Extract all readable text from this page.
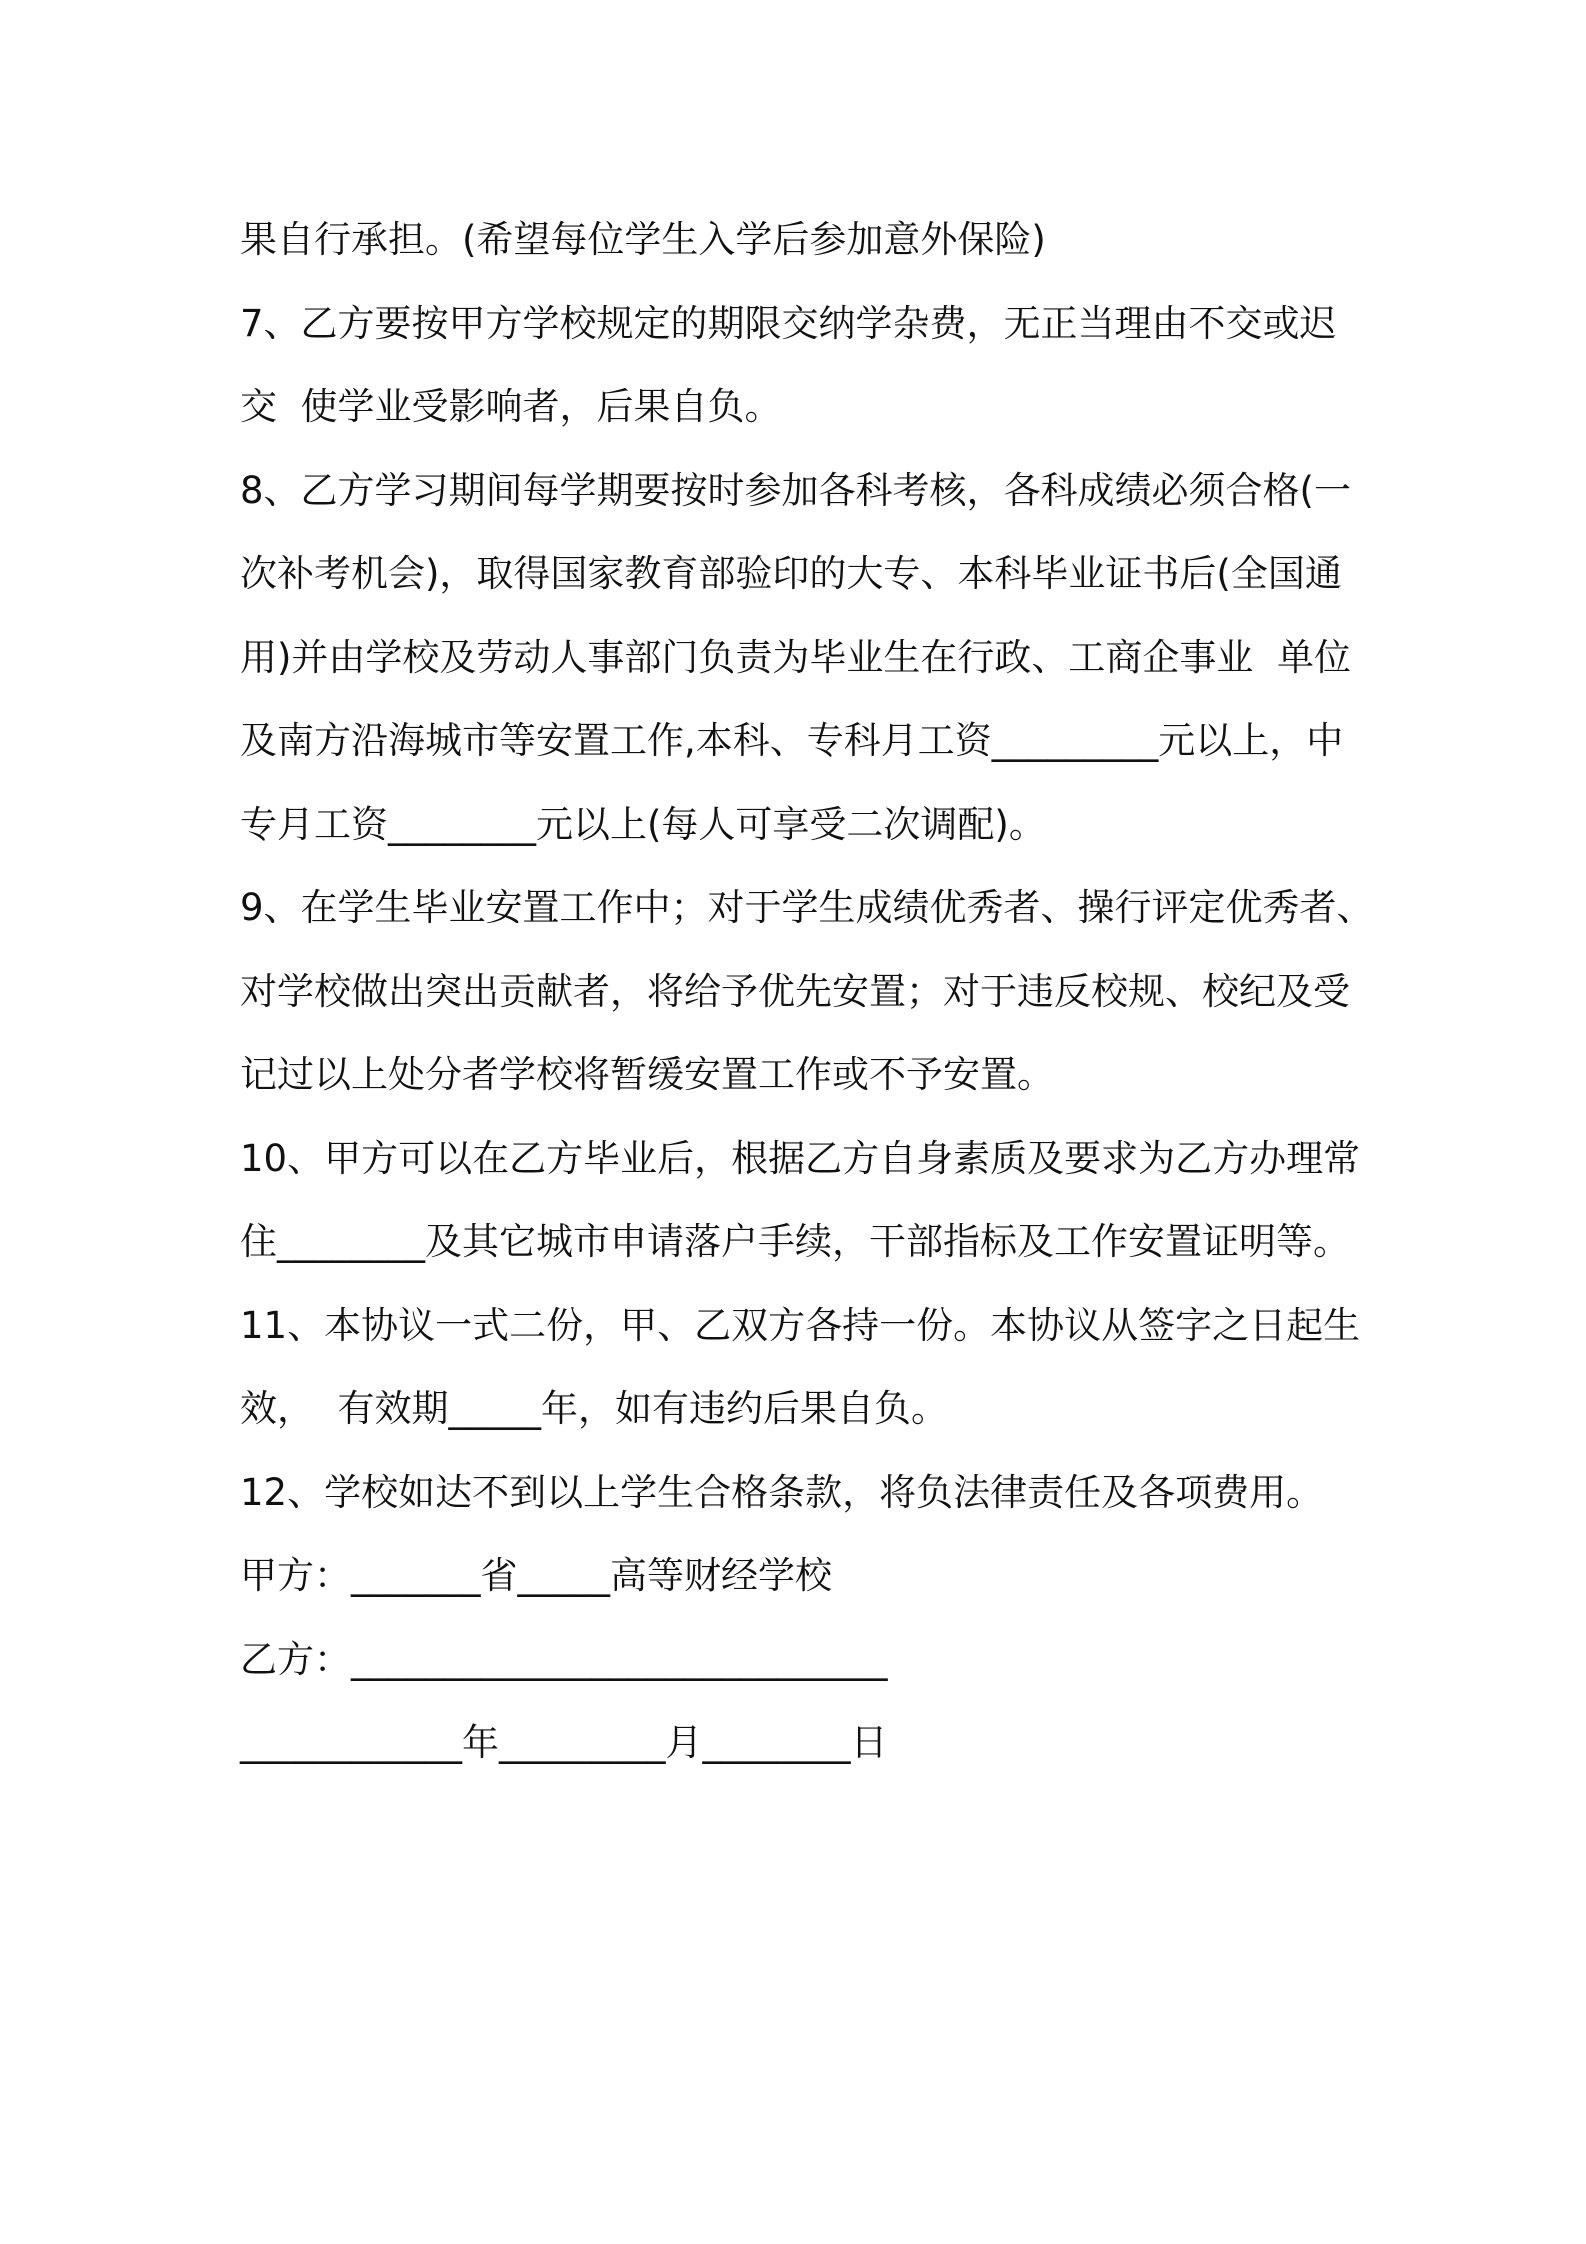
果自行承担。(希望每位学生入学后参加意外保险)
7、乙方要按甲方学校规定的期限交纳学杂费，无正当理由不交或迟
交  使学业受影响者，后果自负。
8、乙方学习期间每学期要按时参加各科考核，各科成绩必须合格(一
次补考机会)，取得国家教育部验印的大专、本科毕业证书后(全国通
用)并由学校及劳动人事部门负责为毕业生在行政、工商企事业  单位
及南方沿海城市等安置工作,本科、专科月工资_________元以上，中
专月工资________元以上(每人可享受二次调配)。
9、在学生毕业安置工作中；对于学生成绩优秀者、操行评定优秀者、
对学校做出突出贡献者，将给予优先安置；对于违反校规、校纪及受
记过以上处分者学校将暂缓安置工作或不予安置。
10、甲方可以在乙方毕业后，根据乙方自身素质及要求为乙方办理常
住________及其它城市申请落户手续，干部指标及工作安置证明等。
11、本协议一式二份，甲、乙双方各持一份。本协议从签字之日起生
效，  有效期_____年，如有违约后果自负。
12、学校如达不到以上学生合格条款，将负法律责任及各项费用。
甲方：_______省_____高等财经学校
乙方：_____________________________
____________年_________月________日
